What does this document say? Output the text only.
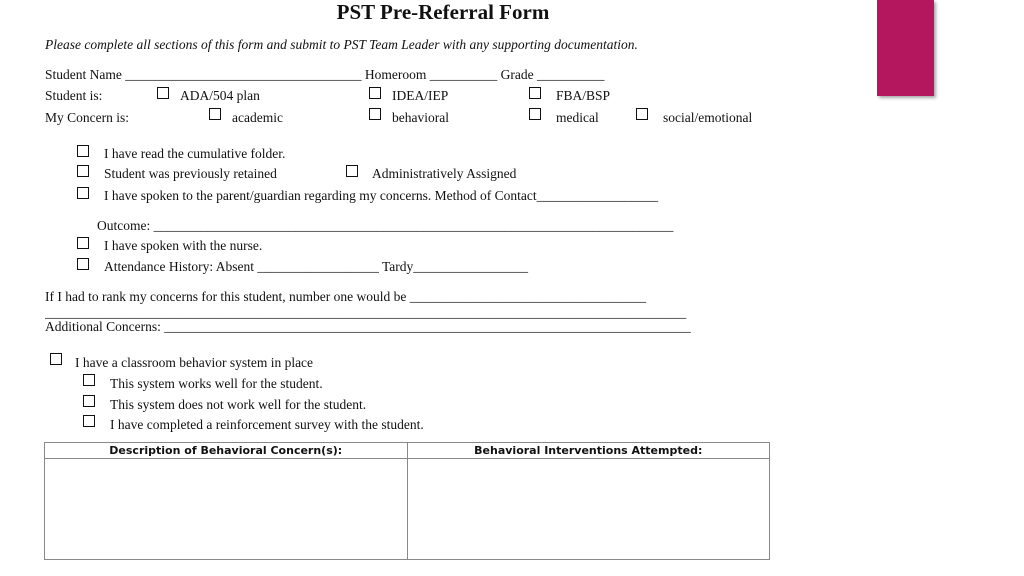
PST Pre-Referral Form
Please complete all sections of this form and submit to PST Team Leader with any supporting documentation.
Student Name ___________________________________ Homeroom __________ Grade __________
Student is:	ADA/504 plan	IDEA/IEP	FBA/BSP
My Concern is:	academic	behavioral	medical	social/emotional
I have read the cumulative folder.
Student was previously retained	Administratively Assigned
I have spoken to the parent/guardian regarding my concerns. Method of Contact__________________
Outcome: _____________________________________________________________________________
I have spoken with the nurse.
Attendance History: Absent __________________ Tardy_________________
If I had to rank my concerns for this student, number one would be ___________________________________
_______________________________________________________________________________________________
Additional Concerns: ______________________________________________________________________________
I have a classroom behavior system in place
This system works well for the student.
This system does not work well for the student.
I have completed a reinforcement survey with the student.
Description of Behavioral Concern(s):	Behavioral Interventions Attempted:
